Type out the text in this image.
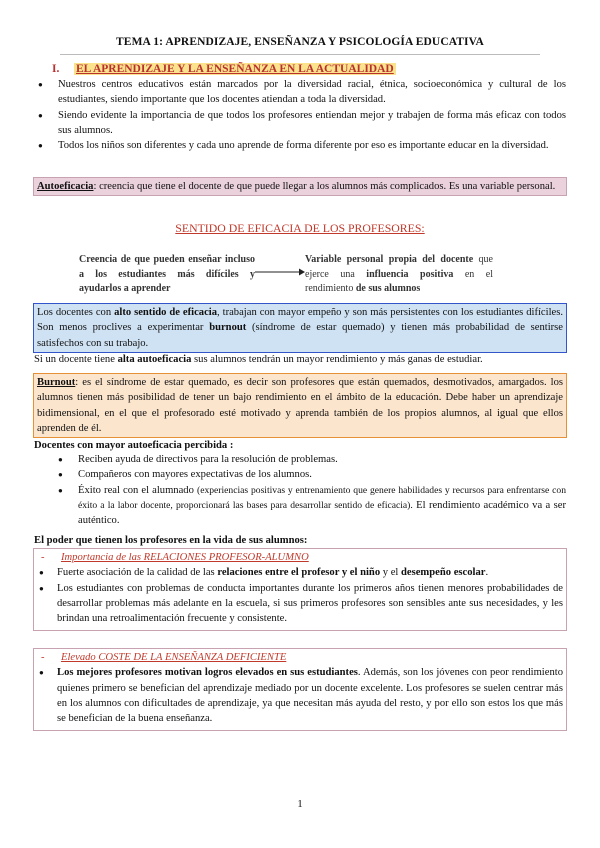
TEMA 1: APRENDIZAJE, ENSEÑANZA Y PSICOLOGÍA EDUCATIVA
I. EL APRENDIZAJE Y LA ENSEÑANZA EN LA ACTUALIDAD
● Nuestros centros educativos están marcados por la diversidad racial, étnica, socioeconómica y cultural de los estudiantes, siendo importante que los docentes atiendan a toda la diversidad.
● Siendo evidente la importancia de que todos los profesores entiendan mejor y trabajen de forma más eficaz con todos sus alumnos.
● Todos los niños son diferentes y cada uno aprende de forma diferente por eso es importante educar en la diversidad.
Autoeficacia: creencia que tiene el docente de que puede llegar a los alumnos más complicados. Es una variable personal.
SENTIDO DE EFICACIA DE LOS PROFESORES:
Creencia de que pueden enseñar incluso a los estudiantes más difíciles y ayudarlos a aprender
Variable personal propia del docente que ejerce una influencia positiva en el rendimiento de sus alumnos
Los docentes con alto sentido de eficacia, trabajan con mayor empeño y son más persistentes con los estudiantes difíciles. Son menos proclives a experimentar burnout (síndrome de estar quemado) y tienen más probabilidad de sentirse satisfechos con su trabajo.
Si un docente tiene alta autoeficacia sus alumnos tendrán un mayor rendimiento y más ganas de estudiar.
Burnout: es el síndrome de estar quemado, es decir son profesores que están quemados, desmotivados, amargados. los alumnos tienen más posibilidad de tener un bajo rendimiento en el ámbito de la educación. Debe haber un aprendizaje bidimensional, en el que el profesorado esté motivado y aprenda también de los propios alumnos, al igual que ellos aprenden de él.
Docentes con mayor autoeficacia percibida :
● Reciben ayuda de directivos para la resolución de problemas.
● Compañeros con mayores expectativas de los alumnos.
● Éxito real con el alumnado (experiencias positivas y entrenamiento que genere habilidades y recursos para enfrentarse con éxito a la labor docente, proporcionará las bases para desarrollar sentido de eficacia). El rendimiento académico va a ser auténtico.
El poder que tienen los profesores en la vida de sus alumnos:
- Importancia de las RELACIONES PROFESOR-ALUMNO
● Fuerte asociación de la calidad de las relaciones entre el profesor y el niño y el desempeño escolar.
● Los estudiantes con problemas de conducta importantes durante los primeros años tienen menores probabilidades de desarrollar problemas más adelante en la escuela, si sus primeros profesores son sensibles ante sus necesidades, y les brindan una retroalimentación frecuente y consistente.
- Elevado COSTE DE LA ENSEÑANZA DEFICIENTE
● Los mejores profesores motivan logros elevados en sus estudiantes. Además, son los jóvenes con peor rendimiento quienes primero se benefician del aprendizaje mediado por un docente excelente. Los profesores se suelen centrar más en los alumnos con dificultades de aprendizaje, ya que necesitan más ayuda del resto, y por ello son estos los que más se benefician de la buena enseñanza.
1
